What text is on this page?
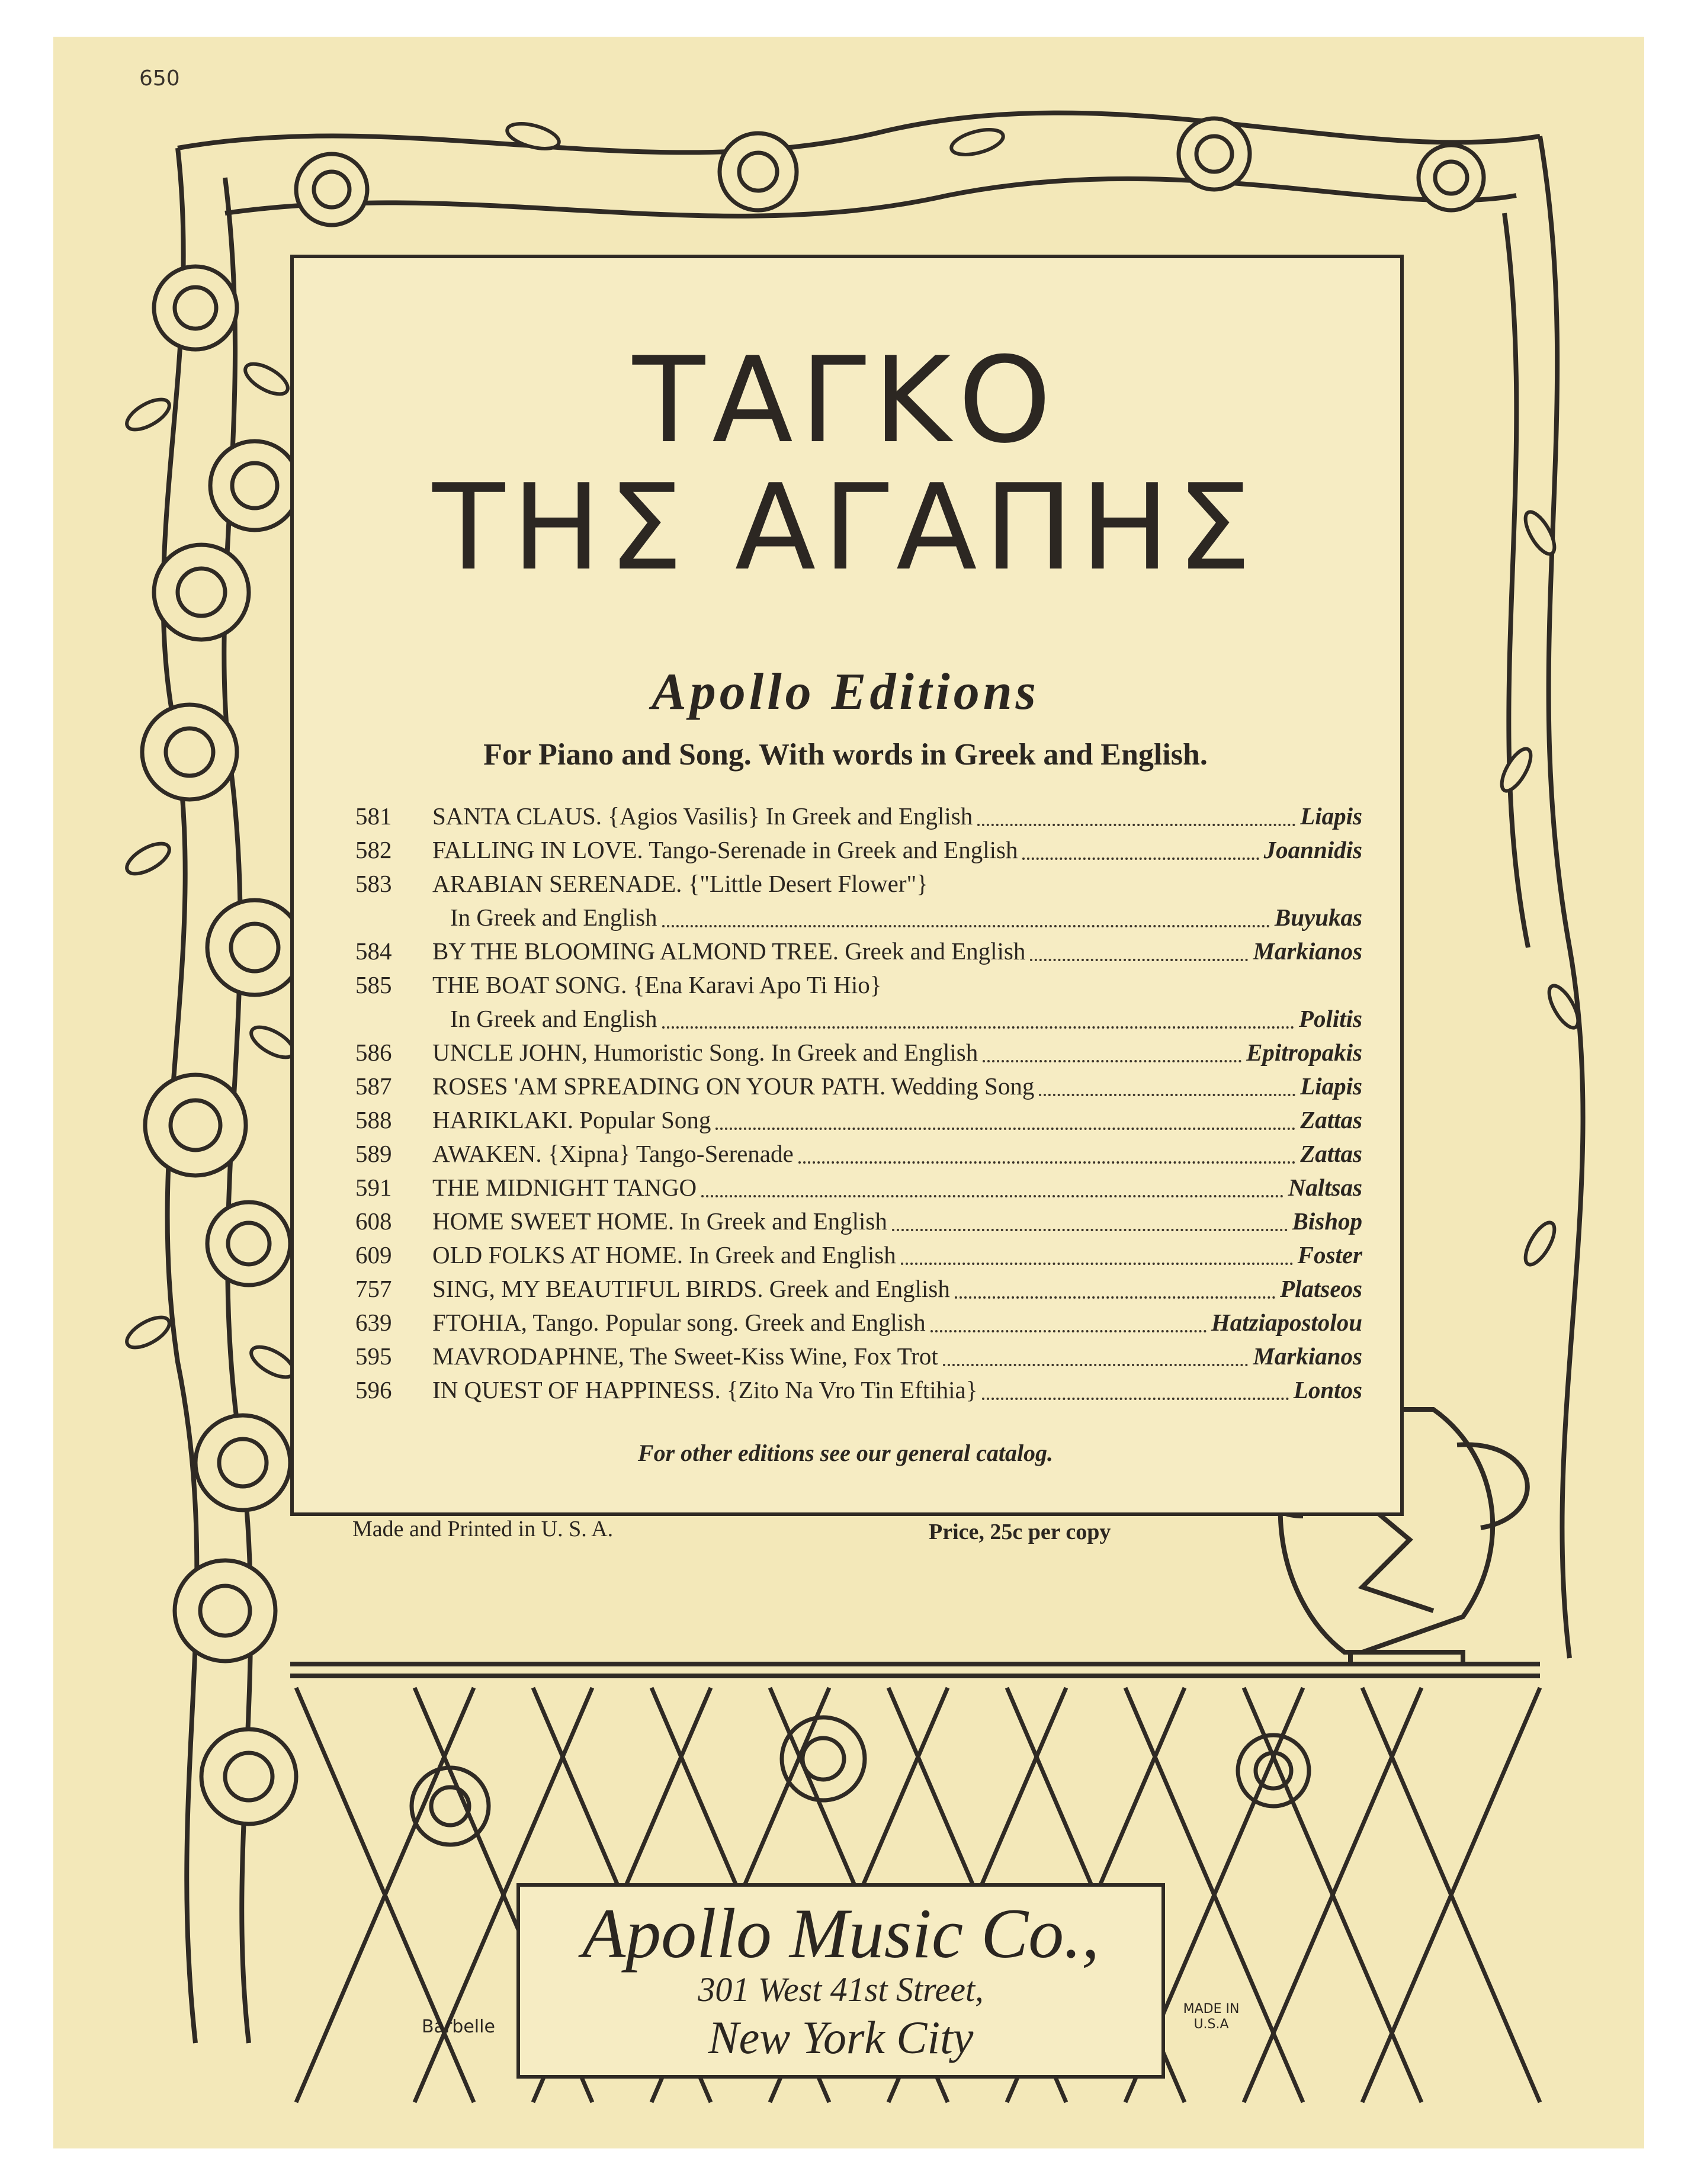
650
ΤΑΓΚΟ
ΤΗΣ ΑΓΑΠΗΣ
Apollo Editions
For Piano and Song. With words in Greek and English.
581	SANTA CLAUS. {Agios Vasilis} In Greek and English	Liapis
582	FALLING IN LOVE. Tango-Serenade in Greek and English	Joannidis
583	ARABIAN SERENADE. {"Little Desert Flower"}
In Greek and English	Buyukas
584	BY THE BLOOMING ALMOND TREE. Greek and English	Markianos
585	THE BOAT SONG. {Ena Karavi Apo Ti Hio}
In Greek and English	Politis
586	UNCLE JOHN, Humoristic Song. In Greek and English	Epitropakis
587	ROSES 'AM SPREADING ON YOUR PATH. Wedding Song	Liapis
588	HARIKLAKI. Popular Song	Zattas
589	AWAKEN. {Xipna} Tango-Serenade	Zattas
591	THE MIDNIGHT TANGO	Naltsas
608	HOME SWEET HOME. In Greek and English	Bishop
609	OLD FOLKS AT HOME. In Greek and English	Foster
757	SING, MY BEAUTIFUL BIRDS. Greek and English	Platseos
639	FTOHIA, Tango. Popular song. Greek and English	Hatziapostolou
595	MAVRODAPHNE, The Sweet-Kiss Wine, Fox Trot	Markianos
596	IN QUEST OF HAPPINESS. {Zito Na Vro Tin Eftihia}	Lontos
For other editions see our general catalog.
Made and Printed in U. S. A.	Price, 25c per copy
Apollo Music Co.,
301 West 41st Street,
New York City
Barbelle
MADE IN U.S.A
